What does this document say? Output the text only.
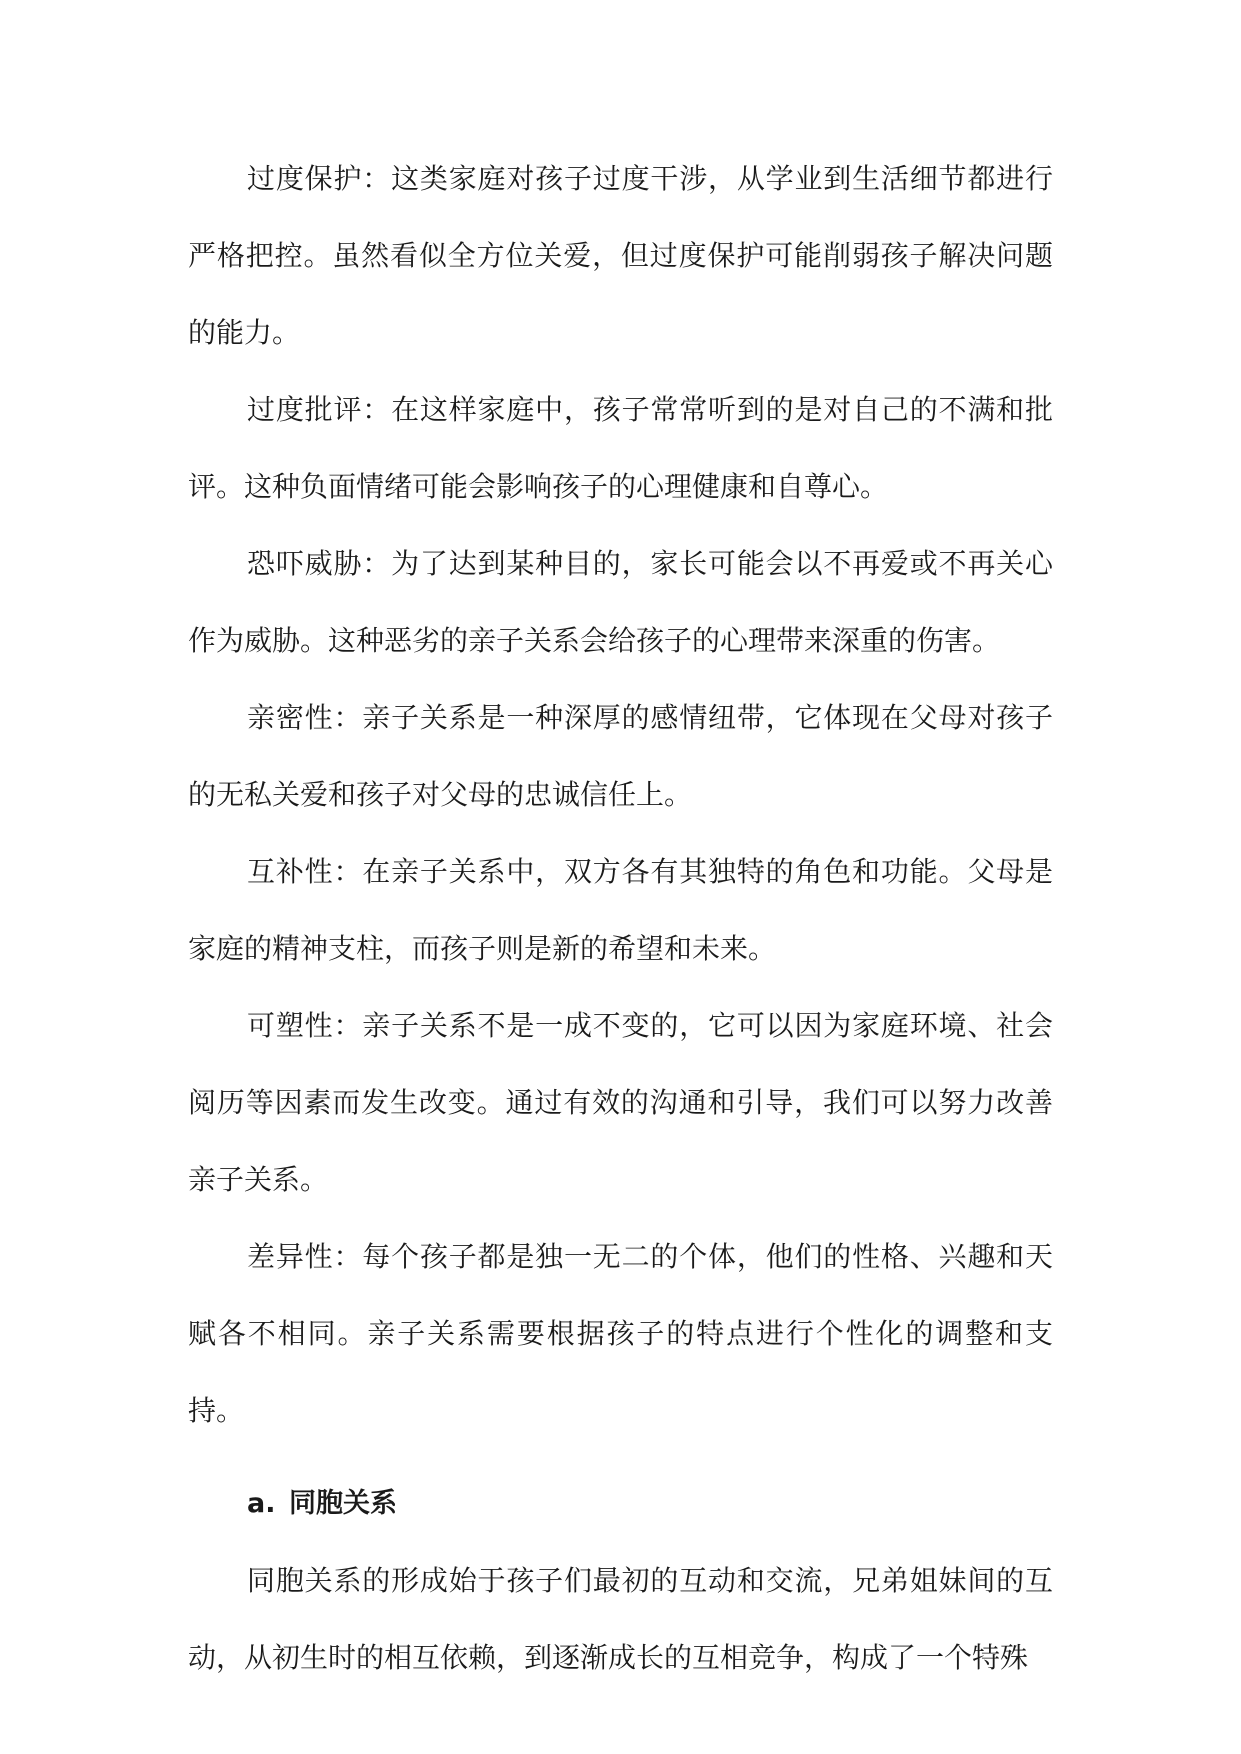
过度保护：这类家庭对孩子过度干涉，从学业到生活细节都进行严格把控。虽然看似全方位关爱，但过度保护可能削弱孩子解决问题的能力。

过度批评：在这样家庭中，孩子常常听到的是对自己的不满和批评。这种负面情绪可能会影响孩子的心理健康和自尊心。

恐吓威胁：为了达到某种目的，家长可能会以不再爱或不再关心作为威胁。这种恶劣的亲子关系会给孩子的心理带来深重的伤害。

亲密性：亲子关系是一种深厚的感情纽带，它体现在父母对孩子的无私关爱和孩子对父母的忠诚信任上。

互补性：在亲子关系中，双方各有其独特的角色和功能。父母是家庭的精神支柱，而孩子则是新的希望和未来。

可塑性：亲子关系不是一成不变的，它可以因为家庭环境、社会阅历等因素而发生改变。通过有效的沟通和引导，我们可以努力改善亲子关系。

差异性：每个孩子都是独一无二的个体，他们的性格、兴趣和天赋各不相同。亲子关系需要根据孩子的特点进行个性化的调整和支持。

a. 同胞关系

同胞关系的形成始于孩子们最初的互动和交流，兄弟姐妹间的互动，从初生时的相互依赖，到逐渐成长的互相竞争，构成了一个特殊
